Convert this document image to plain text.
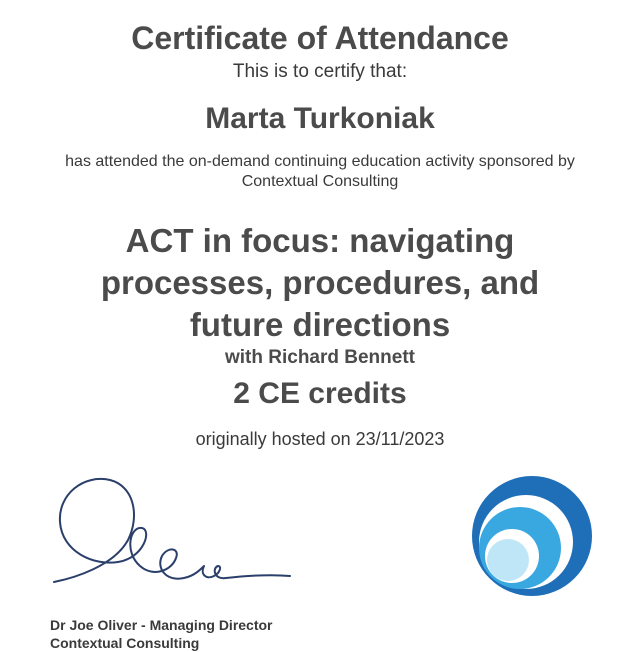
Certificate of Attendance
This is to certify that:
Marta Turkoniak
has attended the on-demand continuing education activity sponsored by Contextual Consulting
ACT in focus: navigating processes, procedures, and future directions
with Richard Bennett
2 CE credits
originally hosted on 23/11/2023
Dr Joe Oliver - Managing Director
Contextual Consulting
